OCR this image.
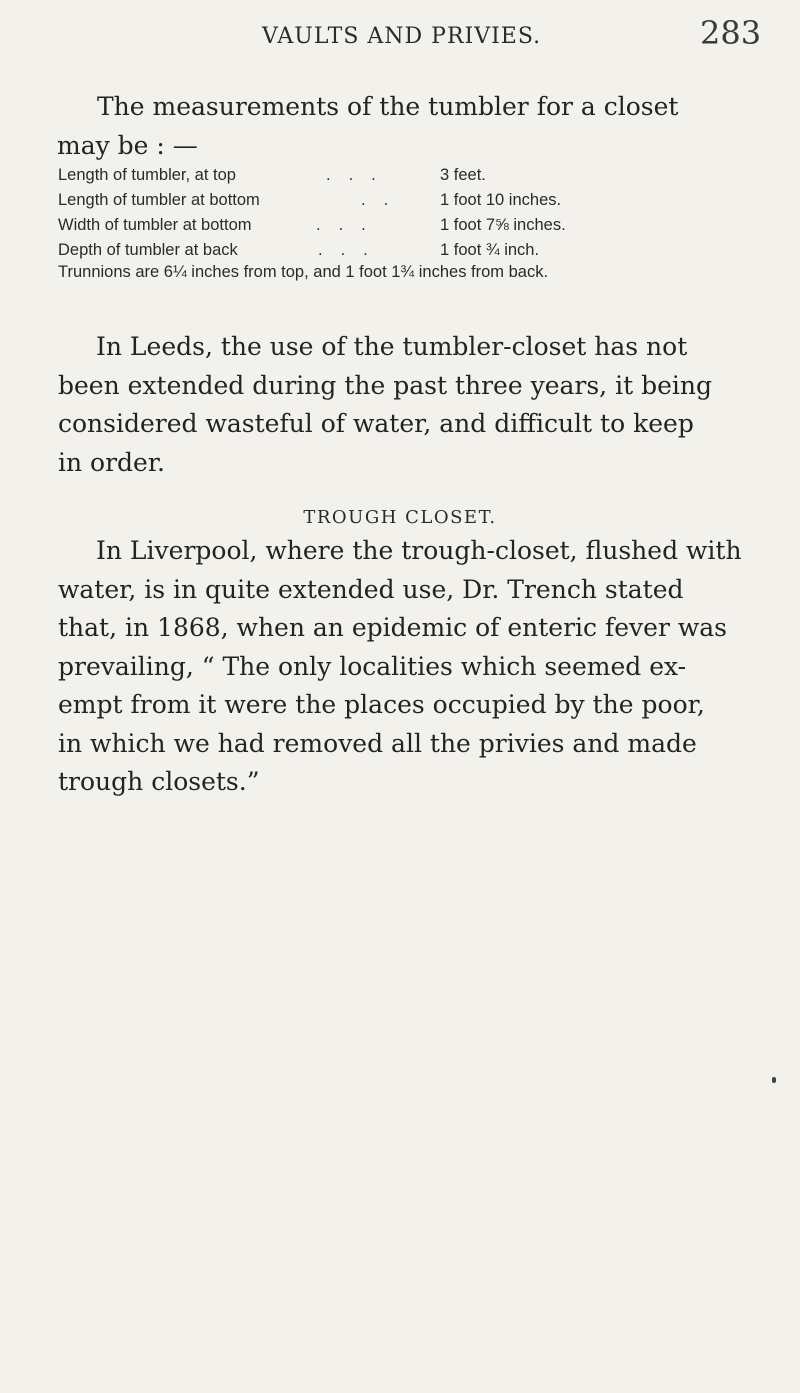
VAULTS AND PRIVIES.	283
The measurements of the tumbler for a closet
may be : —
Length of tumbler, at top	...	3 feet.
Length of tumbler at bottom	.. 1 foot 10 inches.
Width of tumbler at bottom	...	1 foot 7⅝ inches.
Depth of tumbler at back	...	1 foot ¾ inch.
Trunnions are 6¼ inches from top, and 1 foot 1¾ inches from back.
In Leeds, the use of the tumbler-closet has not
been extended during the past three years, it being
considered wasteful of water, and difficult to keep
in order.
TROUGH CLOSET.
In Liverpool, where the trough-closet, flushed with
water, is in quite extended use, Dr. Trench stated
that, in 1868, when an epidemic of enteric fever was
prevailing, “ The only localities which seemed ex-
empt from it were the places occupied by the poor,
in which we had removed all the privies and made
trough closets.”
